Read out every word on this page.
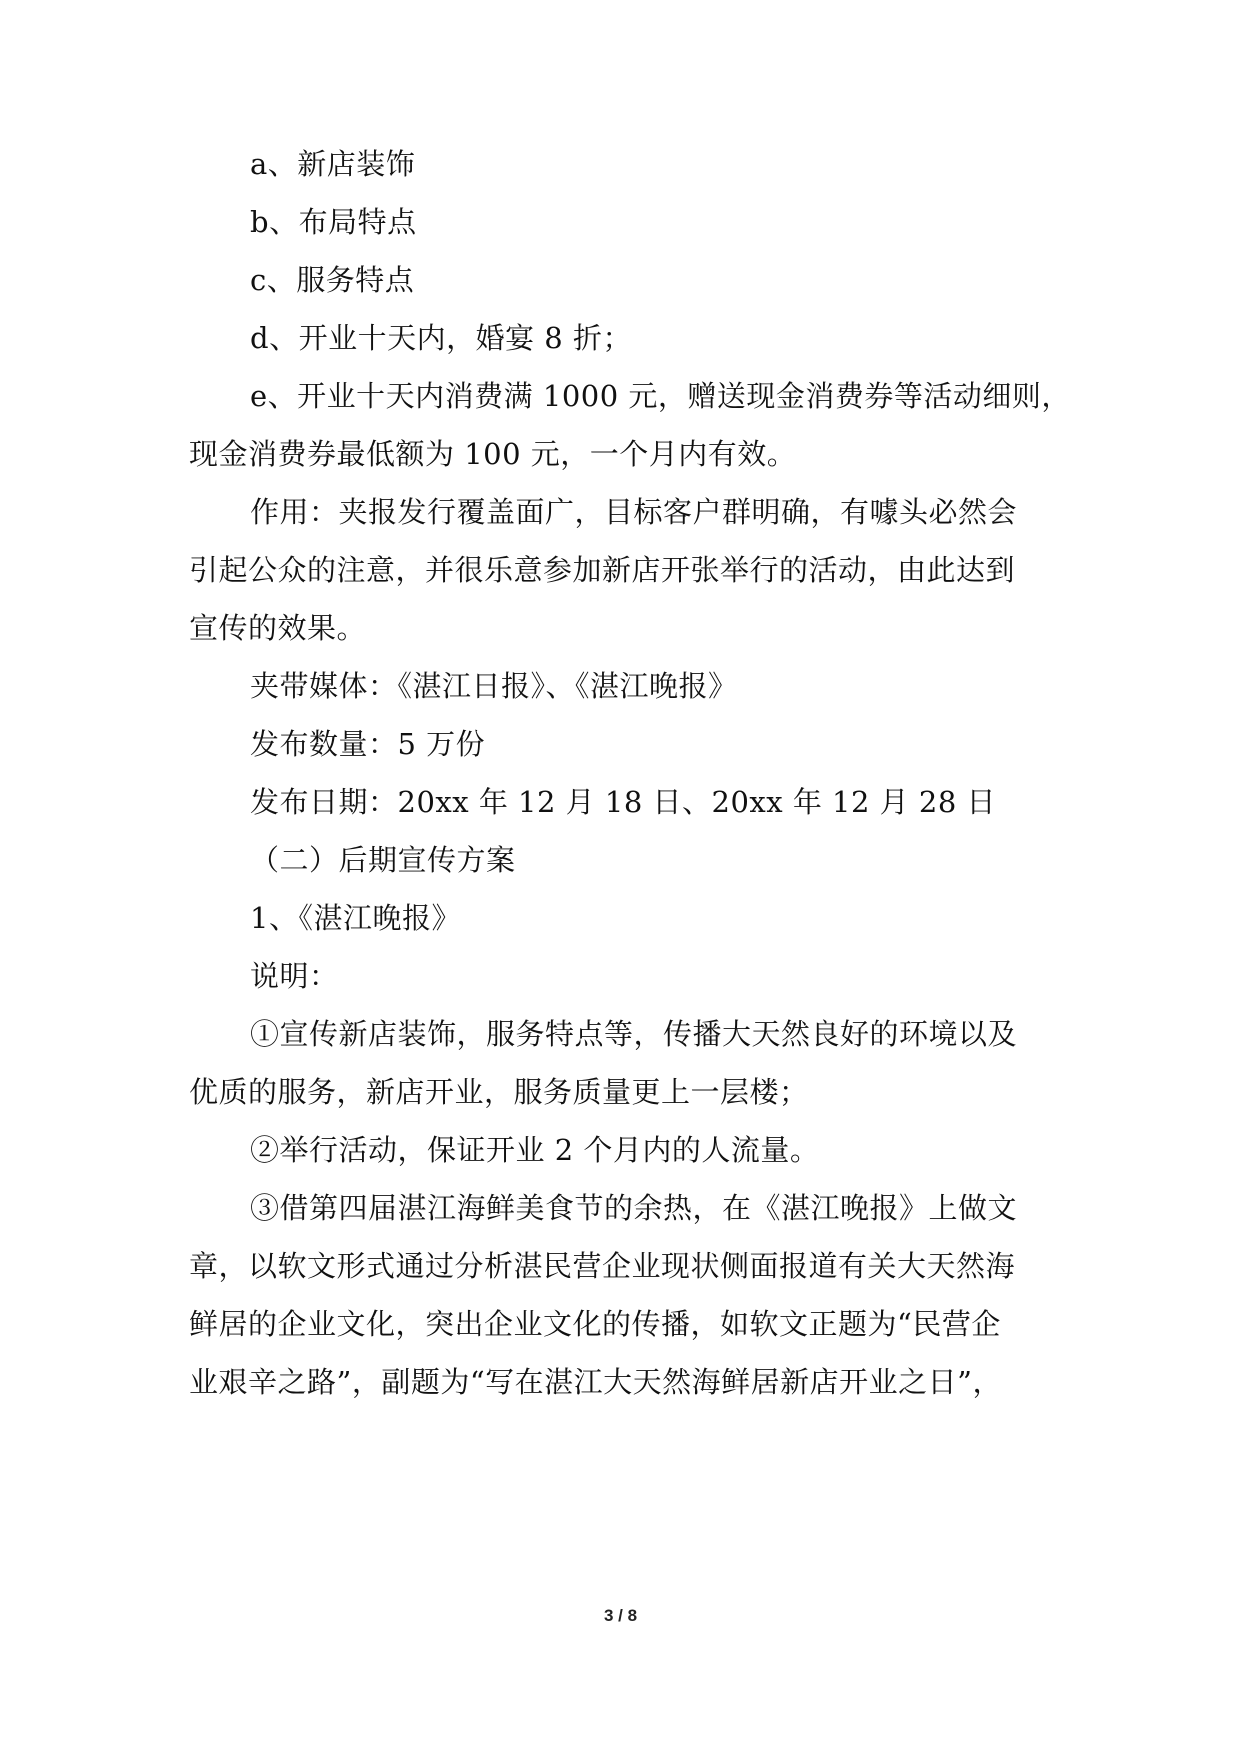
a、新店装饰
b、布局特点
c、服务特点
d、开业十天内，婚宴 8 折；
e、开业十天内消费满 1000 元，赠送现金消费券等活动细则，
现金消费券最低额为 100 元，一个月内有效。
作用：夹报发行覆盖面广，目标客户群明确，有噱头必然会
引起公众的注意，并很乐意参加新店开张举行的活动，由此达到
宣传的效果。
夹带媒体：《湛江日报》、《湛江晚报》
发布数量：5 万份
发布日期：20xx 年 12 月 18 日、20xx 年 12 月 28 日
（二）后期宣传方案
1、《湛江晚报》
说明：
①宣传新店装饰，服务特点等，传播大天然良好的环境以及
优质的服务，新店开业，服务质量更上一层楼；
②举行活动，保证开业 2 个月内的人流量。
③借第四届湛江海鲜美食节的余热，在《湛江晚报》上做文
章，以软文形式通过分析湛民营企业现状侧面报道有关大天然海
鲜居的企业文化，突出企业文化的传播，如软文正题为“民营企
业艰辛之路”，副题为“写在湛江大天然海鲜居新店开业之日”，
3 / 8
